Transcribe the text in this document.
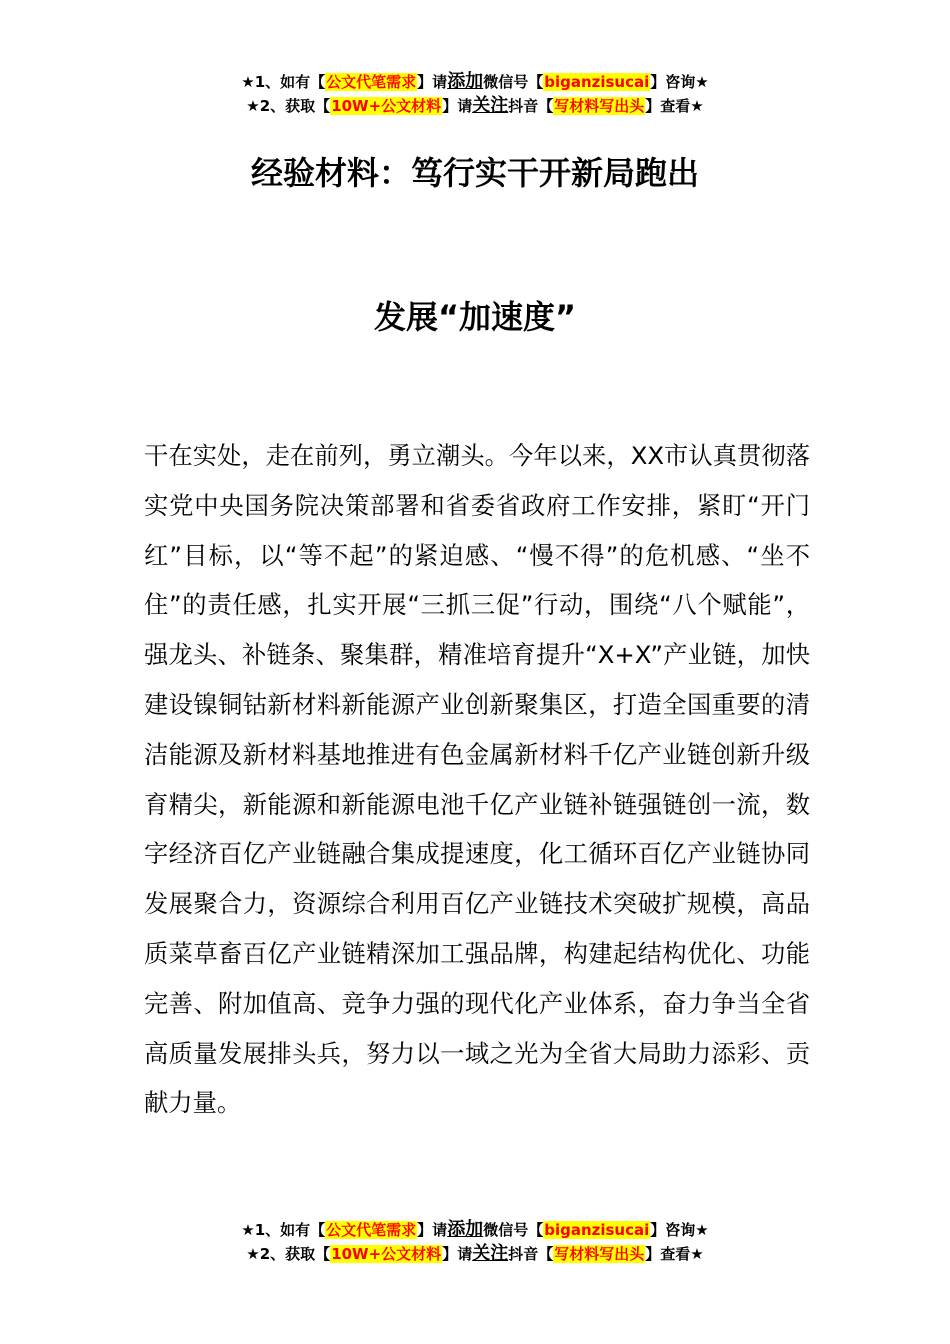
★1、如有【公文代笔需求】请添加微信号【biganzisucai】咨询★
★2、获取【10W+公文材料】请关注抖音【写材料写出头】查看★
经验材料：笃行实干开新局跑出
发展“加速度”

干在实处，走在前列，勇立潮头。今年以来，XX市认真贯彻落实党中央国务院决策部署和省委省政府工作安排，紧盯“开门红”目标，以“等不起”的紧迫感、“慢不得”的危机感、“坐不住”的责任感，扎实开展“三抓三促”行动，围绕“八个赋能”，强龙头、补链条、聚集群，精准培育提升“X+X”产业链，加快建设镍铜钴新材料新能源产业创新聚集区，打造全国重要的清洁能源及新材料基地推进有色金属新材料千亿产业链创新升级育精尖，新能源和新能源电池千亿产业链补链强链创一流，数字经济百亿产业链融合集成提速度，化工循环百亿产业链协同发展聚合力，资源综合利用百亿产业链技术突破扩规模，高品质菜草畜百亿产业链精深加工强品牌，构建起结构优化、功能完善、附加值高、竞争力强的现代化产业体系，奋力争当全省高质量发展排头兵，努力以一域之光为全省大局助力添彩、贡献力量。

★1、如有【公文代笔需求】请添加微信号【biganzisucai】咨询★
★2、获取【10W+公文材料】请关注抖音【写材料写出头】查看★
